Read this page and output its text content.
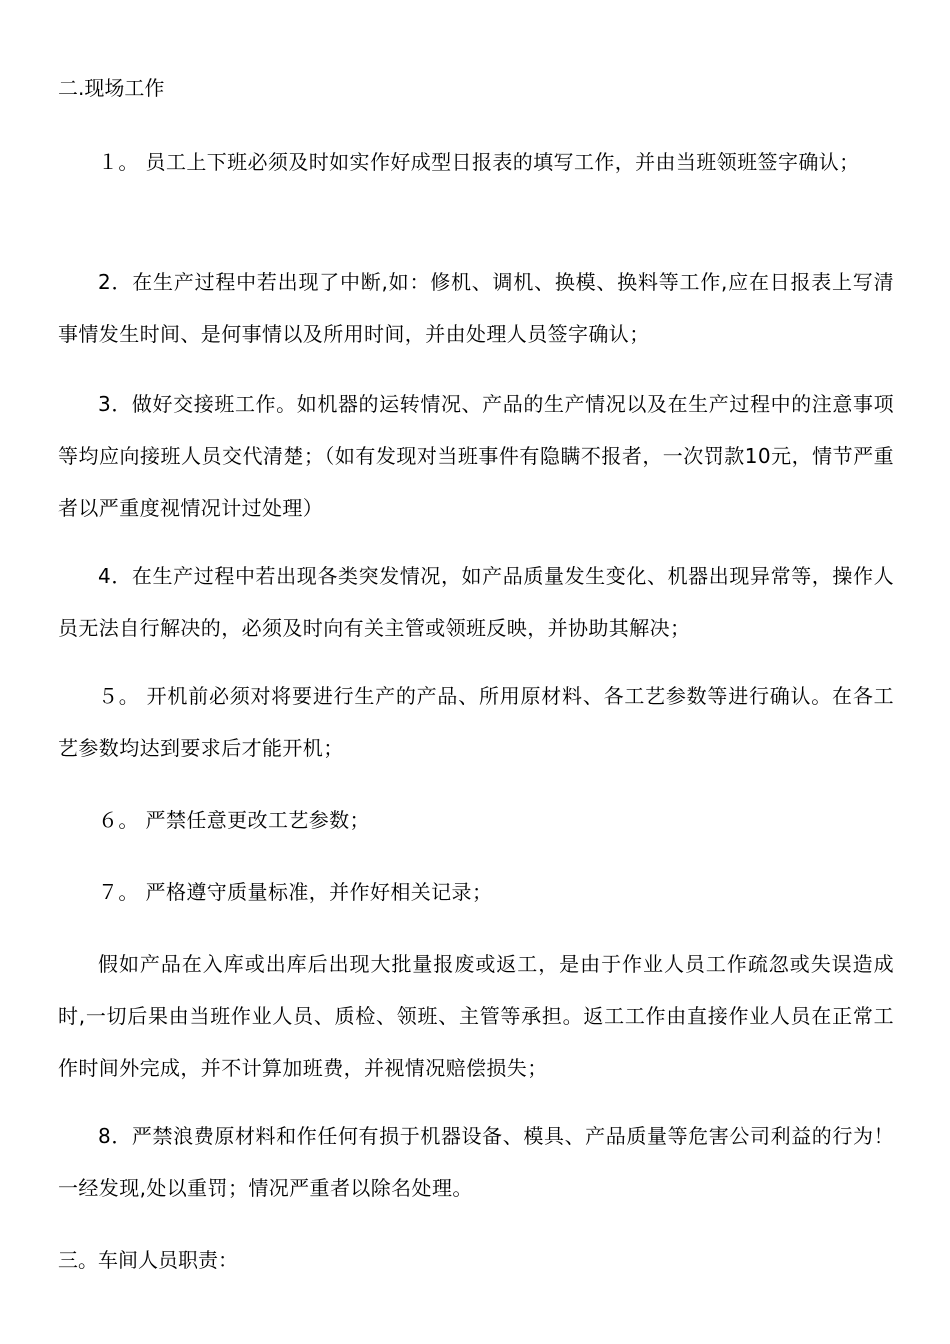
二.现场工作

１。 员工上下班必须及时如实作好成型日报表的填写工作，并由当班领班签字确认；

2．在生产过程中若出现了中断,如：修机、调机、换模、换料等工作,应在日报表上写清事情发生时间、是何事情以及所用时间，并由处理人员签字确认；

3．做好交接班工作。如机器的运转情况、产品的生产情况以及在生产过程中的注意事项等均应向接班人员交代清楚；（如有发现对当班事件有隐瞒不报者，一次罚款10元，情节严重者以严重度视情况计过处理）

4．在生产过程中若出现各类突发情况，如产品质量发生变化、机器出现异常等，操作人员无法自行解决的，必须及时向有关主管或领班反映，并协助其解决；

５。 开机前必须对将要进行生产的产品、所用原材料、各工艺参数等进行确认。在各工艺参数均达到要求后才能开机；

６。 严禁任意更改工艺参数；

７。 严格遵守质量标准，并作好相关记录；

假如产品在入库或出库后出现大批量报废或返工，是由于作业人员工作疏忽或失误造成时,一切后果由当班作业人员、质检、领班、主管等承担。返工工作由直接作业人员在正常工作时间外完成，并不计算加班费，并视情况赔偿损失；

8．严禁浪费原材料和作任何有损于机器设备、模具、产品质量等危害公司利益的行为！一经发现,处以重罚；情况严重者以除名处理。

三。车间人员职责：
